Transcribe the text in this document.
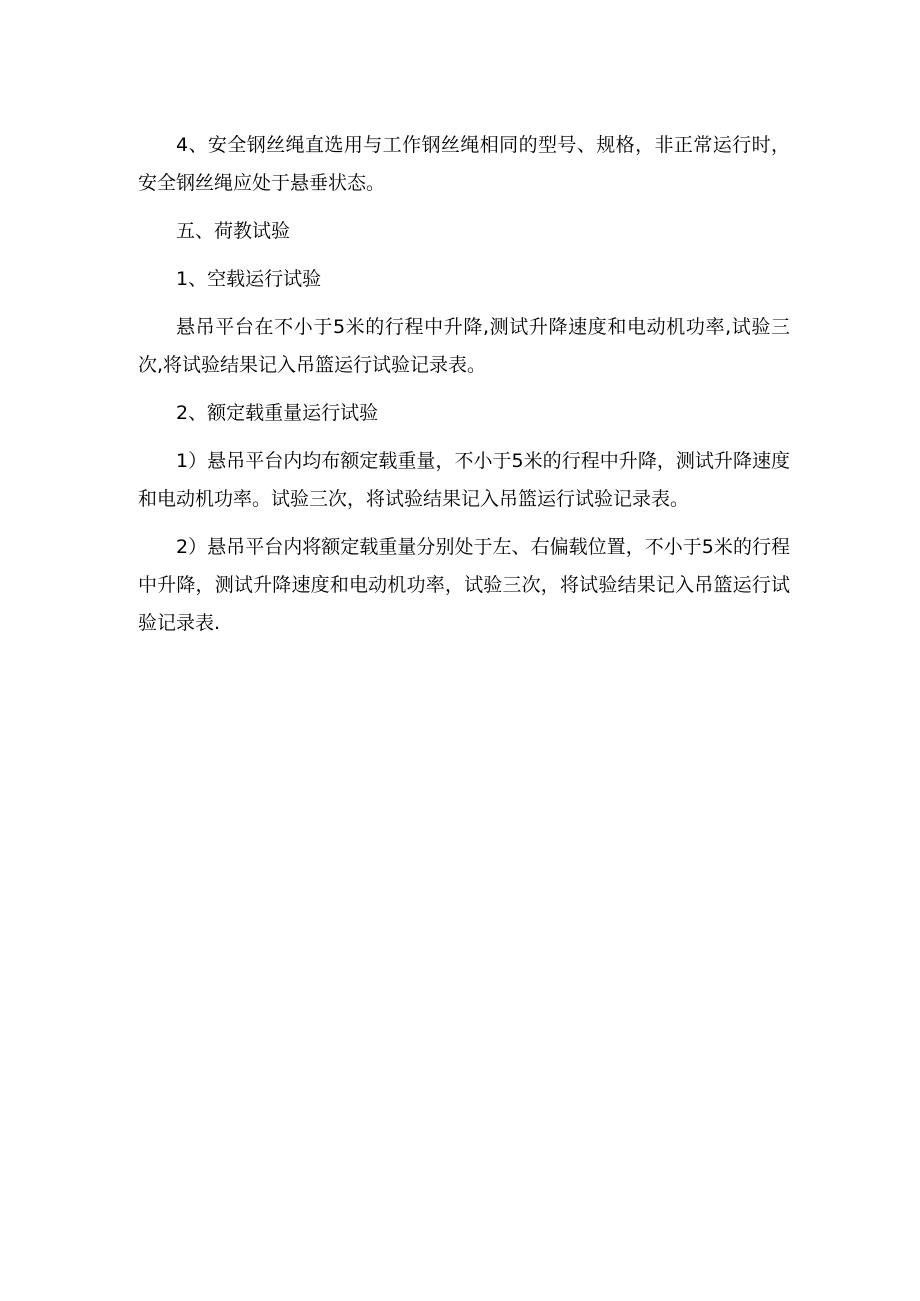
4、安全钢丝绳直选用与工作钢丝绳相同的型号、规格，非正常运行时，安全钢丝绳应处于悬垂状态。

五、荷教试验

1、空载运行试验

悬吊平台在不小于5米的行程中升降,测试升降速度和电动机功率,试验三次,将试验结果记入吊篮运行试验记录表。

2、额定载重量运行试验

1）悬吊平台内均布额定载重量，不小于5米的行程中升降，测试升降速度和电动机功率。试验三次，将试验结果记入吊篮运行试验记录表。

2）悬吊平台内将额定载重量分别处于左、右偏载位置，不小于5米的行程中升降，测试升降速度和电动机功率，试验三次，将试验结果记入吊篮运行试验记录表.
